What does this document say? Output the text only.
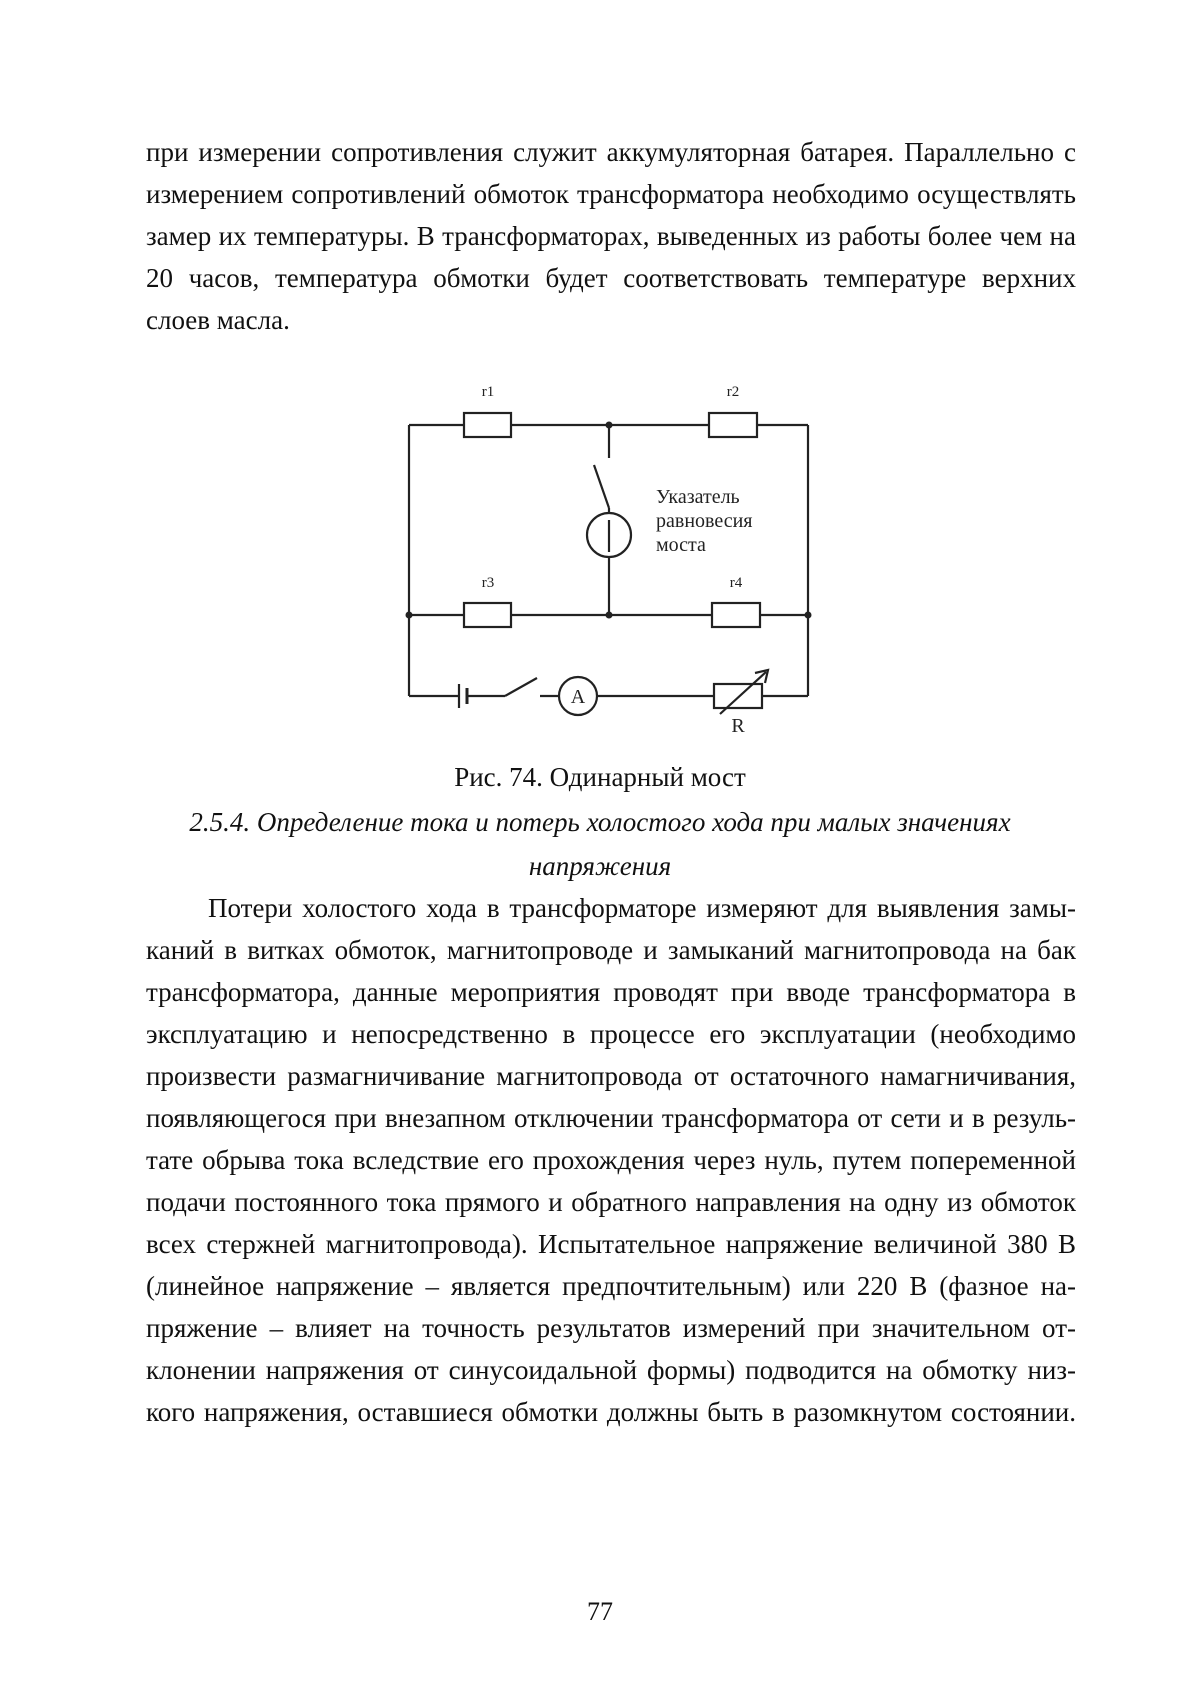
при измерении сопротивления служит аккумуляторная батарея. Параллельно с
измерением сопротивлений обмоток трансформатора необходимо осуществлять
замер их температуры. В трансформаторах, выведенных из работы более чем на
20 часов, температура обмотки будет соответствовать температуре верхних
слоев масла.
r1	r2
r3	r4
A
R
Указатель
равновесия
моста
Рис. 74. Одинарный мост
2.5.4. Определение тока и потерь холостого хода при малых значениях
напряжения
Потери холостого хода в трансформаторе измеряют для выявления замы-
каний в витках обмоток, магнитопроводе и замыканий магнитопровода на бак
трансформатора, данные мероприятия проводят при вводе трансформатора в
эксплуатацию и непосредственно в процессе его эксплуатации (необходимо
произвести размагничивание магнитопровода от остаточного намагничивания,
появляющегося при внезапном отключении трансформатора от сети и в резуль-
тате обрыва тока вследствие его прохождения через нуль, путем попеременной
подачи постоянного тока прямого и обратного направления на одну из обмоток
всех стержней магнитопровода). Испытательное напряжение величиной 380 В
(линейное напряжение – является предпочтительным) или 220 В (фазное на-
пряжение – влияет на точность результатов измерений при значительном от-
клонении напряжения от синусоидальной формы) подводится на обмотку низ-
кого напряжения, оставшиеся обмотки должны быть в разомкнутом состоянии.
77
